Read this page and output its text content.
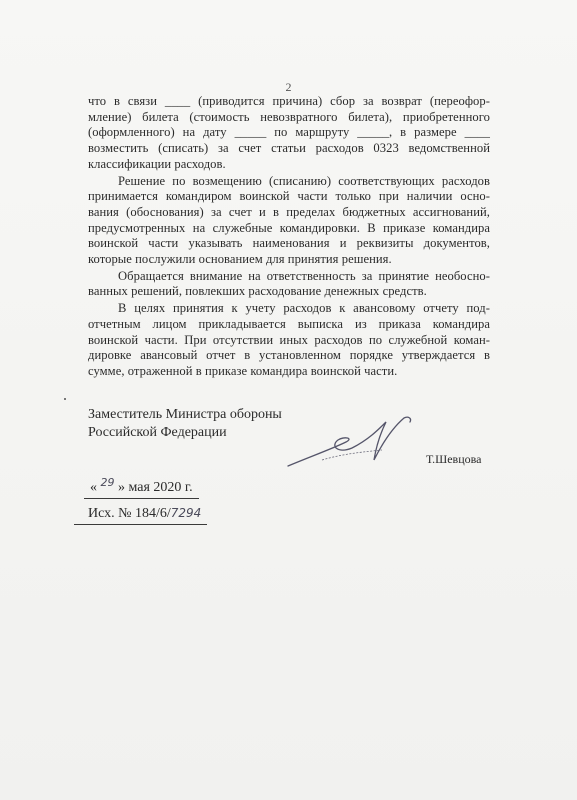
2
что в связи ____ (приводится причина) сбор за возврат (переофор-
мление) билета (стоимость невозвратного билета), приобретенного
(оформленного) на дату _____ по маршруту _____, в размере ____
возместить (списать) за счет статьи расходов 0323 ведомственной
классификации расходов.
Решение по возмещению (списанию) соответствующих расходов
принимается командиром воинской части только при наличии осно-
вания (обоснования) за счет и в пределах бюджетных ассигнований,
предусмотренных на служебные командировки. В приказе командира
воинской части указывать наименования и реквизиты документов,
которые послужили основанием для принятия решения.
Обращается внимание на ответственность за принятие необосно-
ванных решений, повлекших расходование денежных средств.
В целях принятия к учету расходов к авансовому отчету под-
отчетным лицом прикладывается выписка из приказа командира
воинской части. При отсутствии иных расходов по служебной коман-
дировке авансовый отчет в установленном порядке утверждается в
сумме, отраженной в приказе командира воинской части.
Заместитель Министра обороны
Российской Федерации
Т.Шевцова
« $^{29}$ » мая 2020 г.
Исх. № 184/6/7294
